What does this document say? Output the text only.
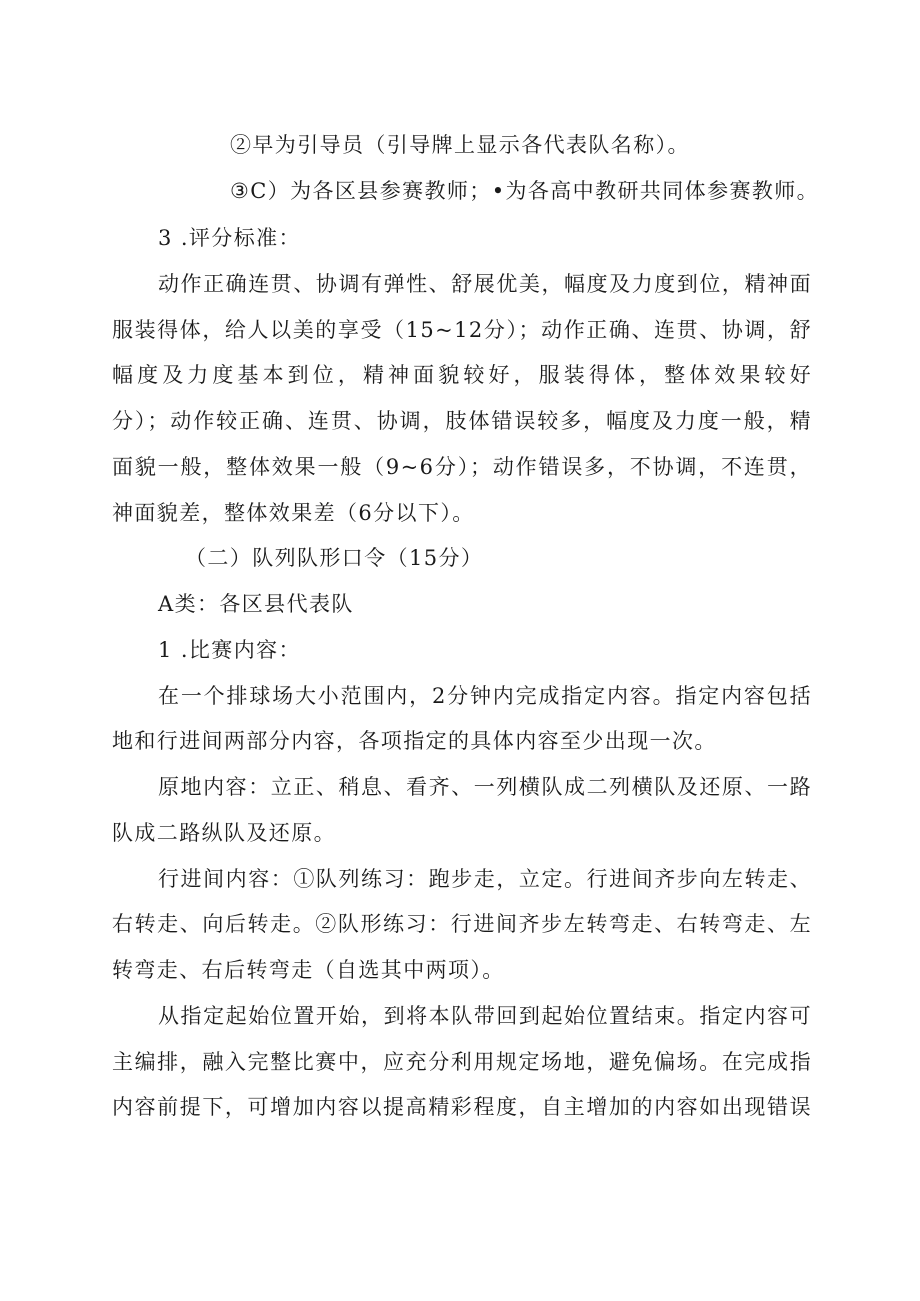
②早为引导员（引导牌上显示各代表队名称）。
③C）为各区县参赛教师；•为各高中教研共同体参赛教师。
3 .评分标准：
动作正确连贯、协调有弹性、舒展优美，幅度及力度到位，精神面
服装得体，给人以美的享受（15~12分）；动作正确、连贯、协调，舒
幅度及力度基本到位，精神面貌较好，服装得体，整体效果较好
分）；动作较正确、连贯、协调，肢体错误较多，幅度及力度一般，精
面貌一般，整体效果一般（9~6分）；动作错误多，不协调，不连贯，
神面貌差，整体效果差（6分以下）。
（二）队列队形口令（15分）
A类：各区县代表队
1 .比赛内容：
在一个排球场大小范围内，2分钟内完成指定内容。指定内容包括
地和行进间两部分内容，各项指定的具体内容至少出现一次。
原地内容：立正、稍息、看齐、一列横队成二列横队及还原、一路
队成二路纵队及还原。
行进间内容：①队列练习：跑步走，立定。行进间齐步向左转走、
右转走、向后转走。②队形练习：行进间齐步左转弯走、右转弯走、左
转弯走、右后转弯走（自选其中两项）。
从指定起始位置开始，到将本队带回到起始位置结束。指定内容可
主编排，融入完整比赛中，应充分利用规定场地，避免偏场。在完成指
内容前提下，可增加内容以提高精彩程度，自主增加的内容如出现错误
